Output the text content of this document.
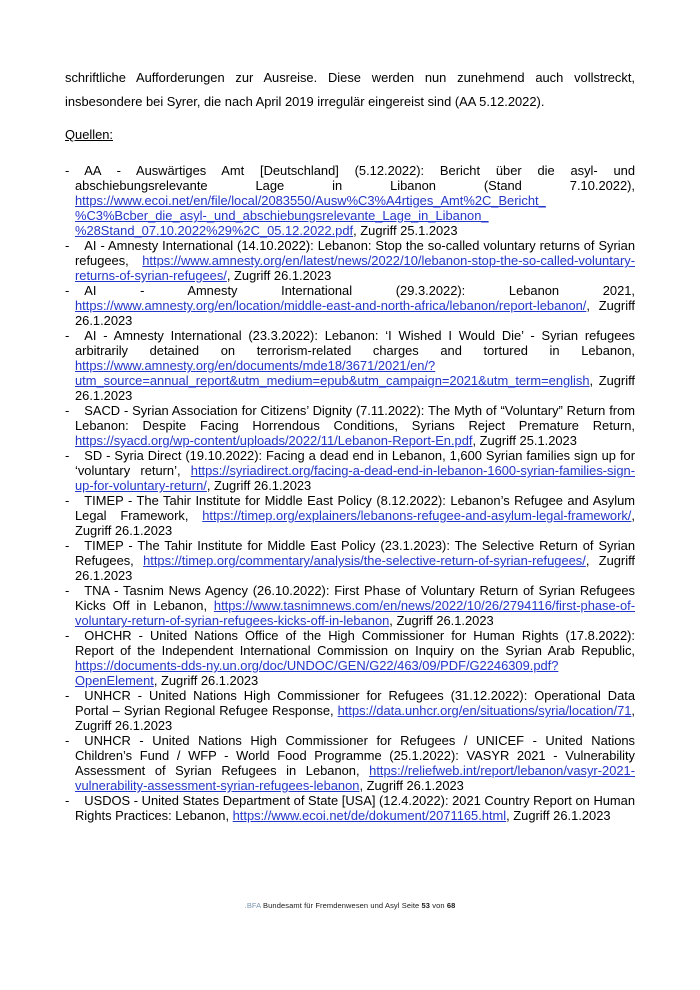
schriftliche Aufforderungen zur Ausreise. Diese werden nun zunehmend auch vollstreckt, insbesondere bei Syrer, die nach April 2019 irregulär eingereist sind (AA 5.12.2022).

Quellen:

- AA - Auswärtiges Amt [Deutschland] (5.12.2022): Bericht über die asyl- und abschiebungsrelevante Lage in Libanon (Stand 7.10.2022), https://www.ecoi.net/en/file/local/2083550/Ausw%C3%A4rtiges_Amt%2C_Bericht_ %C3%Bcber_die_asyl-_und_abschiebungsrelevante_Lage_in_Libanon_ %28Stand_07.10.2022%29%2C_05.12.2022.pdf, Zugriff 25.1.2023

- AI - Amnesty International (14.10.2022): Lebanon: Stop the so-called voluntary returns of Syrian refugees, https://www.amnesty.org/en/latest/news/2022/10/lebanon-stop-the-so-called-voluntary-returns-of-syrian-refugees/, Zugriff 26.1.2023

- AI - Amnesty International (29.3.2022): Lebanon 2021, https://www.amnesty.org/en/location/middle-east-and-north-africa/lebanon/report-lebanon/, Zugriff 26.1.2023

- AI - Amnesty International (23.3.2022): Lebanon: ‘I Wished I Would Die’ - Syrian refugees arbitrarily detained on terrorism-related charges and tortured in Lebanon, https://www.amnesty.org/en/documents/mde18/3671/2021/en/? utm_source=annual_report&utm_medium=epub&utm_campaign=2021&utm_term=english, Zugriff 26.1.2023

- SACD - Syrian Association for Citizens’ Dignity (7.11.2022): The Myth of “Voluntary” Return from Lebanon: Despite Facing Horrendous Conditions, Syrians Reject Premature Return, https://syacd.org/wp-content/uploads/2022/11/Lebanon-Report-En.pdf, Zugriff 25.1.2023

- SD - Syria Direct (19.10.2022): Facing a dead end in Lebanon, 1,600 Syrian families sign up for ‘voluntary return’, https://syriadirect.org/facing-a-dead-end-in-lebanon-1600-syrian-families-sign-up-for-voluntary-return/, Zugriff 26.1.2023

- TIMEP - The Tahir Institute for Middle East Policy (8.12.2022): Lebanon’s Refugee and Asylum Legal Framework, https://timep.org/explainers/lebanons-refugee-and-asylum-legal-framework/, Zugriff 26.1.2023

- TIMEP - The Tahir Institute for Middle East Policy (23.1.2023): The Selective Return of Syrian Refugees, https://timep.org/commentary/analysis/the-selective-return-of-syrian-refugees/, Zugriff 26.1.2023

- TNA - Tasnim News Agency (26.10.2022): First Phase of Voluntary Return of Syrian Refugees Kicks Off in Lebanon, https://www.tasnimnews.com/en/news/2022/10/26/2794116/first-phase-of-voluntary-return-of-syrian-refugees-kicks-off-in-lebanon, Zugriff 26.1.2023

- OHCHR - United Nations Office of the High Commissioner for Human Rights (17.8.2022): Report of the Independent International Commission on Inquiry on the Syrian Arab Republic, https://documents-dds-ny.un.org/doc/UNDOC/GEN/G22/463/09/PDF/G2246309.pdf? OpenElement, Zugriff 26.1.2023

- UNHCR - United Nations High Commissioner for Refugees (31.12.2022): Operational Data Portal – Syrian Regional Refugee Response, https://data.unhcr.org/en/situations/syria/location/71, Zugriff 26.1.2023

- UNHCR - United Nations High Commissioner for Refugees / UNICEF - United Nations Children’s Fund / WFP - World Food Programme (25.1.2022): VASYR 2021 - Vulnerability Assessment of Syrian Refugees in Lebanon, https://reliefweb.int/report/lebanon/vasyr-2021-vulnerability-assessment-syrian-refugees-lebanon, Zugriff 26.1.2023

- USDOS - United States Department of State [USA] (12.4.2022): 2021 Country Report on Human Rights Practices: Lebanon, https://www.ecoi.net/de/dokument/2071165.html, Zugriff 26.1.2023

.BFA Bundesamt für Fremdenwesen und Asyl Seite 53 von 68
